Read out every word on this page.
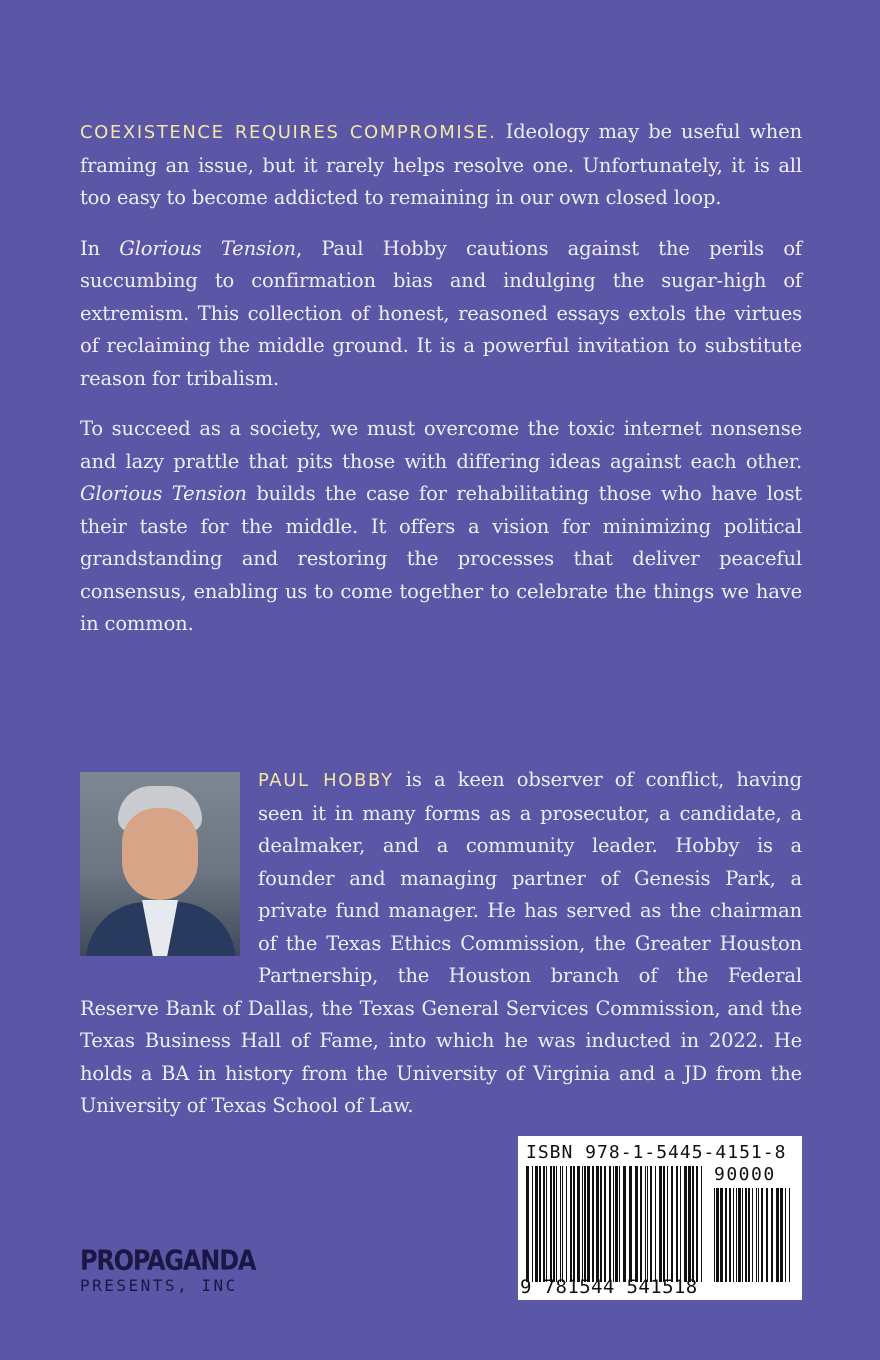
COEXISTENCE REQUIRES COMPROMISE. Ideology may be useful when framing an issue, but it rarely helps resolve one. Unfortunately, it is all too easy to become addicted to remaining in our own closed loop.

In Glorious Tension, Paul Hobby cautions against the perils of succumbing to confirmation bias and indulging the sugar-high of extremism. This collection of honest, reasoned essays extols the virtues of reclaiming the middle ground. It is a powerful invitation to substitute reason for tribalism.

To succeed as a society, we must overcome the toxic internet nonsense and lazy prattle that pits those with differing ideas against each other. Glorious Tension builds the case for rehabilitating those who have lost their taste for the middle. It offers a vision for minimizing political grandstanding and restoring the processes that deliver peaceful consensus, enabling us to come together to celebrate the things we have in common.

PAUL HOBBY is a keen observer of conflict, having seen it in many forms as a prosecutor, a candidate, a dealmaker, and a community leader. Hobby is a founder and managing partner of Genesis Park, a private fund manager. He has served as the chairman of the Texas Ethics Commission, the Greater Houston Partnership, the Houston branch of the Federal Reserve Bank of Dallas, the Texas General Services Commission, and the Texas Business Hall of Fame, into which he was inducted in 2022. He holds a BA in history from the University of Virginia and a JD from the University of Texas School of Law.

ISBN 978-1-5445-4151-8
90000
9 781544 541518
PROPAGANDA
PRESENTS, INC
